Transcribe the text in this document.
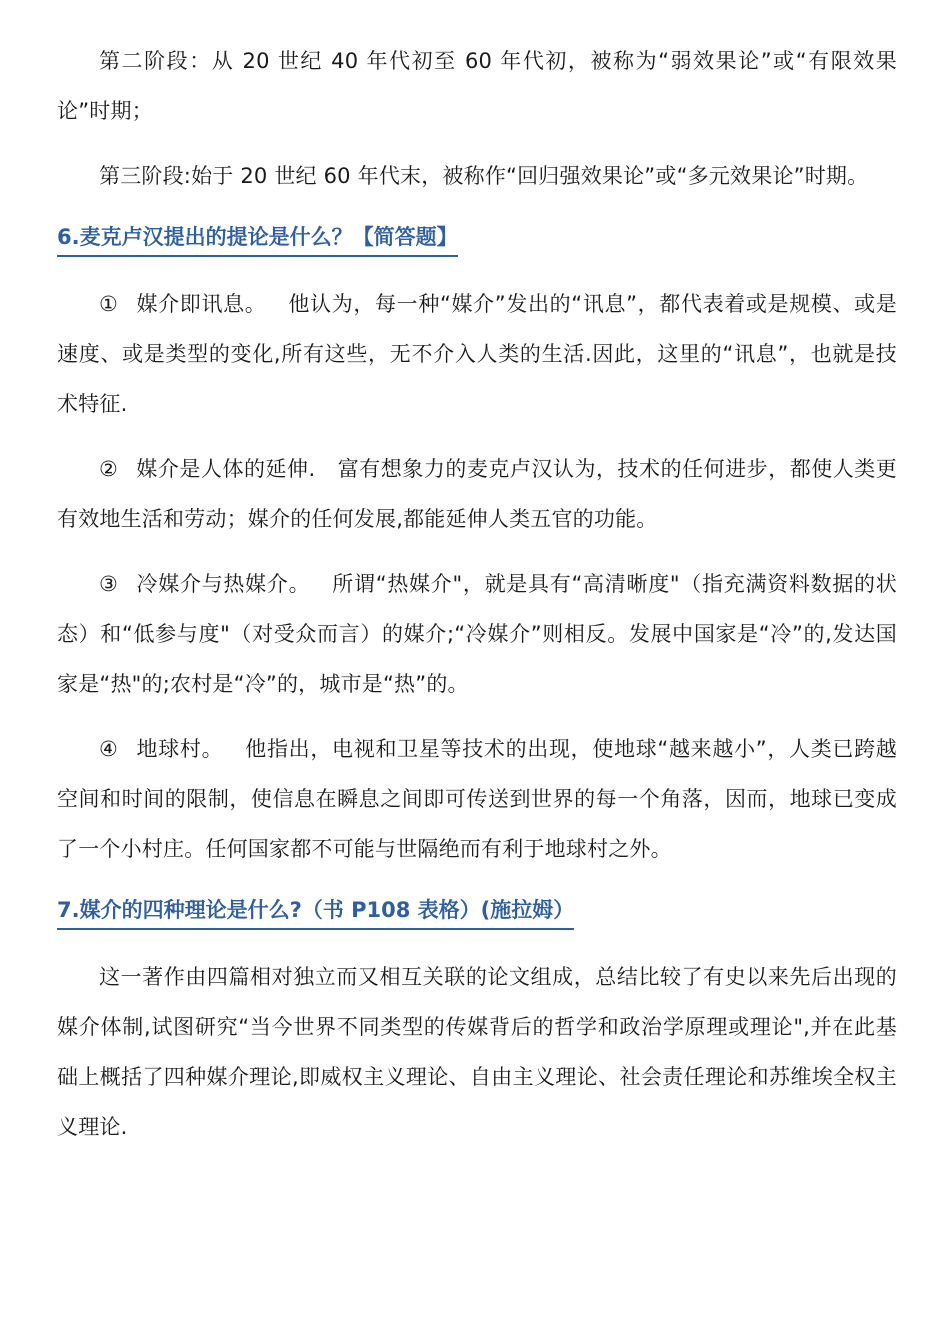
第二阶段：从 20 世纪 40 年代初至 60 年代初，被称为“弱效果论”或“有限效果论”时期；

第三阶段:始于 20 世纪 60 年代末，被称作“回归强效果论”或“多元效果论”时期。

6.麦克卢汉提出的提论是什么？【简答题】

① 媒介即讯息。 他认为，每一种“媒介”发出的“讯息”，都代表着或是规模、或是速度、或是类型的变化,所有这些，无不介入人类的生活.因此，这里的“讯息”，也就是技术特征.

② 媒介是人体的延伸. 富有想象力的麦克卢汉认为，技术的任何进步，都使人类更有效地生活和劳动；媒介的任何发展,都能延伸人类五官的功能。

③ 冷媒介与热媒介。 所谓“热媒介"，就是具有“高清晰度"（指充满资料数据的状态）和“低参与度"（对受众而言）的媒介;“冷媒介”则相反。发展中国家是“冷”的,发达国家是“热"的;农村是“冷”的，城市是“热”的。

④ 地球村。 他指出，电视和卫星等技术的出现，使地球“越来越小”，人类已跨越空间和时间的限制，使信息在瞬息之间即可传送到世界的每一个角落，因而，地球已变成了一个小村庄。任何国家都不可能与世隔绝而有利于地球村之外。

7.媒介的四种理论是什么?（书 P108 表格）(施拉姆）

这一著作由四篇相对独立而又相互关联的论文组成，总结比较了有史以来先后出现的媒介体制,试图研究“当今世界不同类型的传媒背后的哲学和政治学原理或理论",并在此基础上概括了四种媒介理论,即威权主义理论、自由主义理论、社会责任理论和苏维埃全权主义理论.
